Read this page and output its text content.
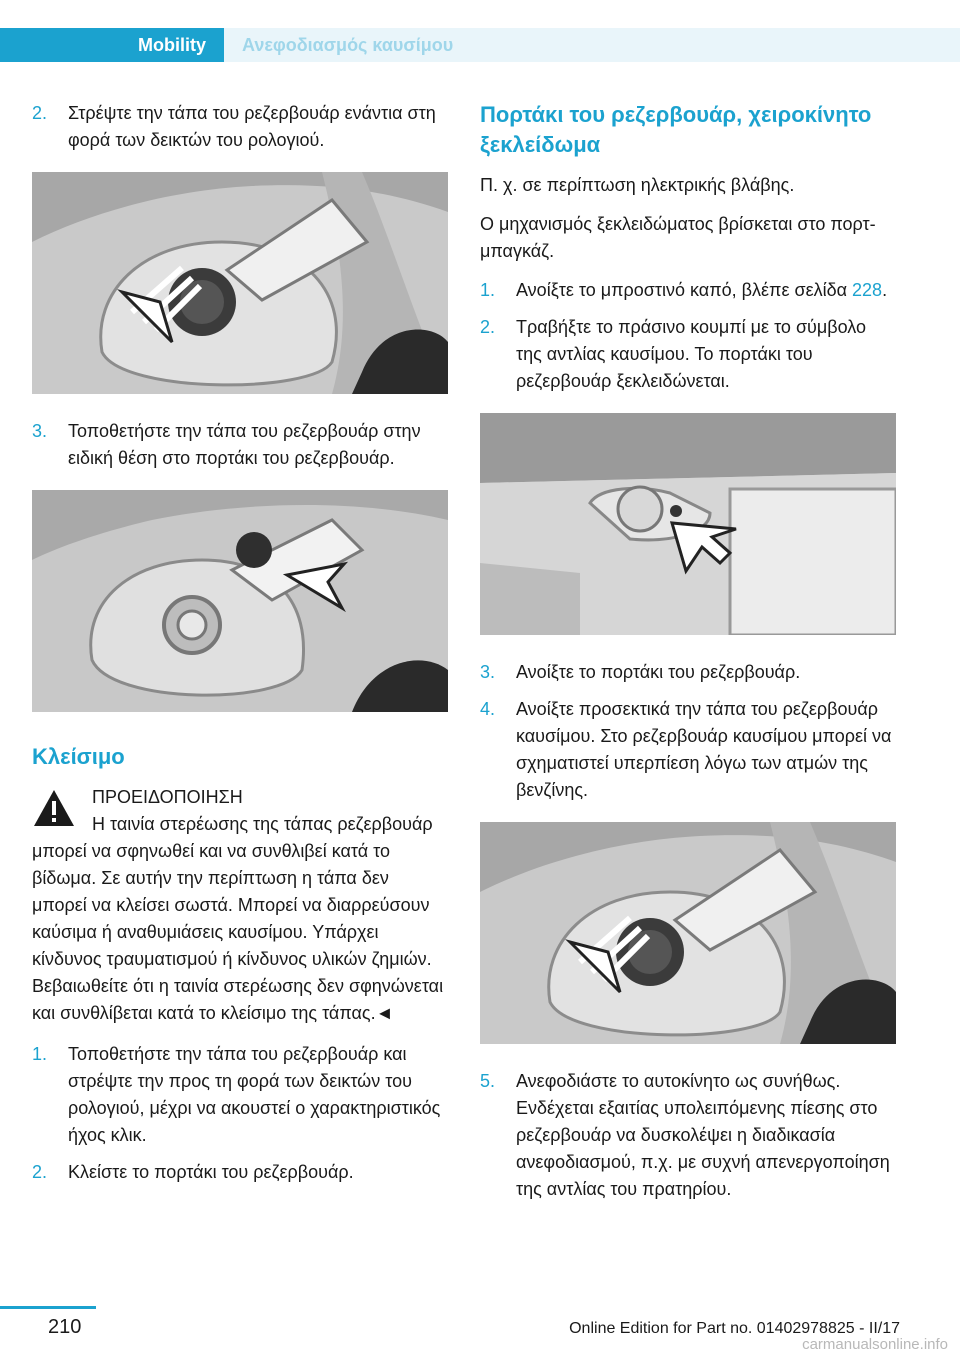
Mobility	Ανεφοδιασμός καυσίμου
2. Στρέψτε την τάπα του ρεζερβουάρ ενάντια στη φορά των δεικτών του ρολογιού.
3. Τοποθετήστε την τάπα του ρεζερβουάρ στην ειδική θέση στο πορτάκι του ρεζερβουάρ.
Κλείσιμο
ΠΡΟΕΙΔΟΠΟΙΗΣΗ
Η ταινία στερέωσης της τάπας ρεζερβουάρ μπορεί να σφηνωθεί και να συνθλιβεί κατά το βίδωμα. Σε αυτήν την περίπτωση η τάπα δεν μπορεί να κλείσει σωστά. Μπορεί να διαρρεύσουν καύσιμα ή αναθυμιάσεις καυσίμου. Υπάρχει κίνδυνος τραυματισμού ή κίνδυνος υλικών ζημιών. Βεβαιωθείτε ότι η ταινία στερέωσης δεν σφηνώνεται και συνθλίβεται κατά το κλείσιμο της τάπας.◄
1. Τοποθετήστε την τάπα του ρεζερβουάρ και στρέψτε την προς τη φορά των δεικτών του ρολογιού, μέχρι να ακουστεί ο χαρακτηριστικός ήχος κλικ.
2. Κλείστε το πορτάκι του ρεζερβουάρ.
Πορτάκι του ρεζερβουάρ, χειροκίνητο ξεκλείδωμα
Π. χ. σε περίπτωση ηλεκτρικής βλάβης.
Ο μηχανισμός ξεκλειδώματος βρίσκεται στο πορτ-μπαγκάζ.
1. Ανοίξτε το μπροστινό καπό, βλέπε σελίδα 228.
2. Τραβήξτε το πράσινο κουμπί με το σύμβολο της αντλίας καυσίμου. Το πορτάκι του ρεζερβουάρ ξεκλειδώνεται.
3. Ανοίξτε το πορτάκι του ρεζερβουάρ.
4. Ανοίξτε προσεκτικά την τάπα του ρεζερβουάρ καυσίμου. Στο ρεζερβουάρ καυσίμου μπορεί να σχηματιστεί υπερπίεση λόγω των ατμών της βενζίνης.
5. Ανεφοδιάστε το αυτοκίνητο ως συνήθως. Ενδέχεται εξαιτίας υπολειπόμενης πίεσης στο ρεζερβουάρ να δυσκολέψει η διαδικασία ανεφοδιασμού, π.χ. με συχνή απενεργοποίηση της αντλίας του πρατηρίου.
210	Online Edition for Part no. 01402978825 - II/17
carmanualsonline.info
